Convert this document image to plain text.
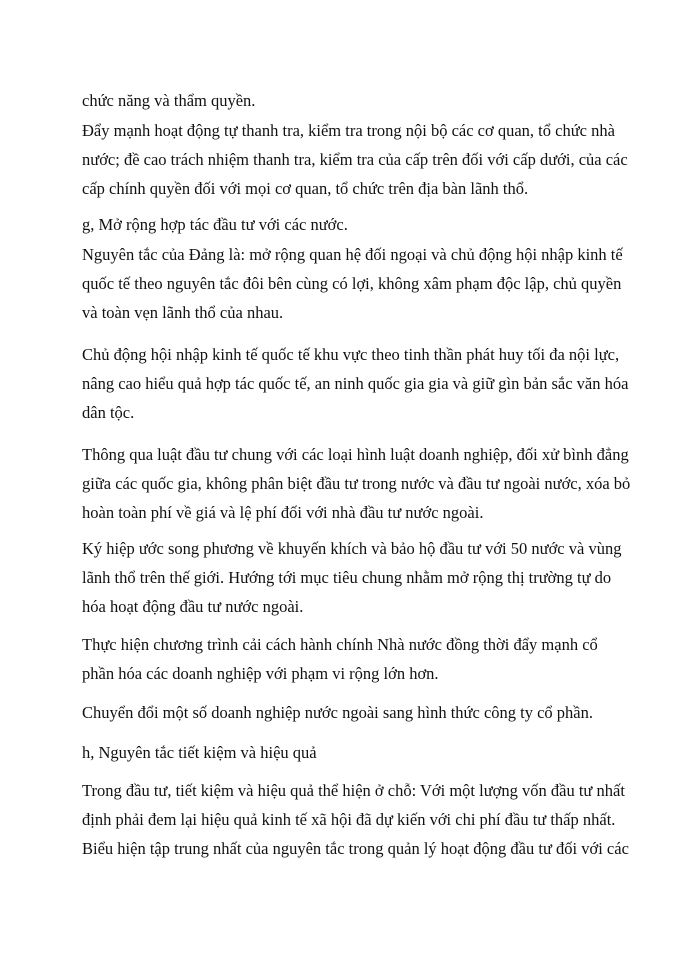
chức năng và thẩm quyền.
Đẩy mạnh hoạt động tự thanh tra, kiểm tra trong nội bộ các cơ quan, tổ chức nhà
nước; đề cao trách nhiệm thanh tra, kiểm tra của cấp trên đối với cấp dưới, của các
cấp chính quyền đối với mọi cơ quan, tổ chức trên địa bàn lãnh thổ.
g, Mở rộng hợp tác đầu tư với các nước.
Nguyên tắc của Đảng là: mở rộng quan hệ đối ngoại và chủ động hội nhập kinh tế
quốc tế theo nguyên tắc đôi bên cùng có lợi, không xâm phạm độc lập, chủ quyền
và toàn vẹn lãnh thổ của nhau.
Chủ động hội nhập kinh tế quốc tế khu vực theo tinh thần phát huy tối đa nội lực,
nâng cao hiểu quả hợp tác quốc tế, an ninh quốc gia gia và giữ gìn bản sắc văn hóa
dân tộc.
Thông qua luật đầu tư chung với các loại hình luật doanh nghiệp, đối xử bình đẳng
giữa các quốc gia, không phân biệt đầu tư trong nước và đầu tư ngoài nước, xóa bỏ
hoàn toàn phí về giá và lệ phí đối với nhà đầu tư nước ngoài.
Ký hiệp ước song phương về khuyến khích và bảo hộ đầu tư với 50 nước và vùng
lãnh thổ trên thế giới. Hướng tới mục tiêu chung nhằm mở rộng thị trường tự do
hóa hoạt động đầu tư nước ngoài.
Thực hiện chương trình cải cách hành chính Nhà nước đồng thời đẩy mạnh cổ
phần hóa các doanh nghiệp với phạm vi rộng lớn hơn.
Chuyển đổi một số doanh nghiệp nước ngoài sang hình thức công ty cổ phần.
h, Nguyên tắc tiết kiệm và hiệu quả
Trong đầu tư, tiết kiệm và hiệu quả thể hiện ở chỗ: Với một lượng vốn đầu tư nhất
định phải đem lại hiệu quả kinh tế xã hội đã dự kiến với chi phí đầu tư thấp nhất.
Biểu hiện tập trung nhất của nguyên tắc trong quản lý hoạt động đầu tư đối với các
